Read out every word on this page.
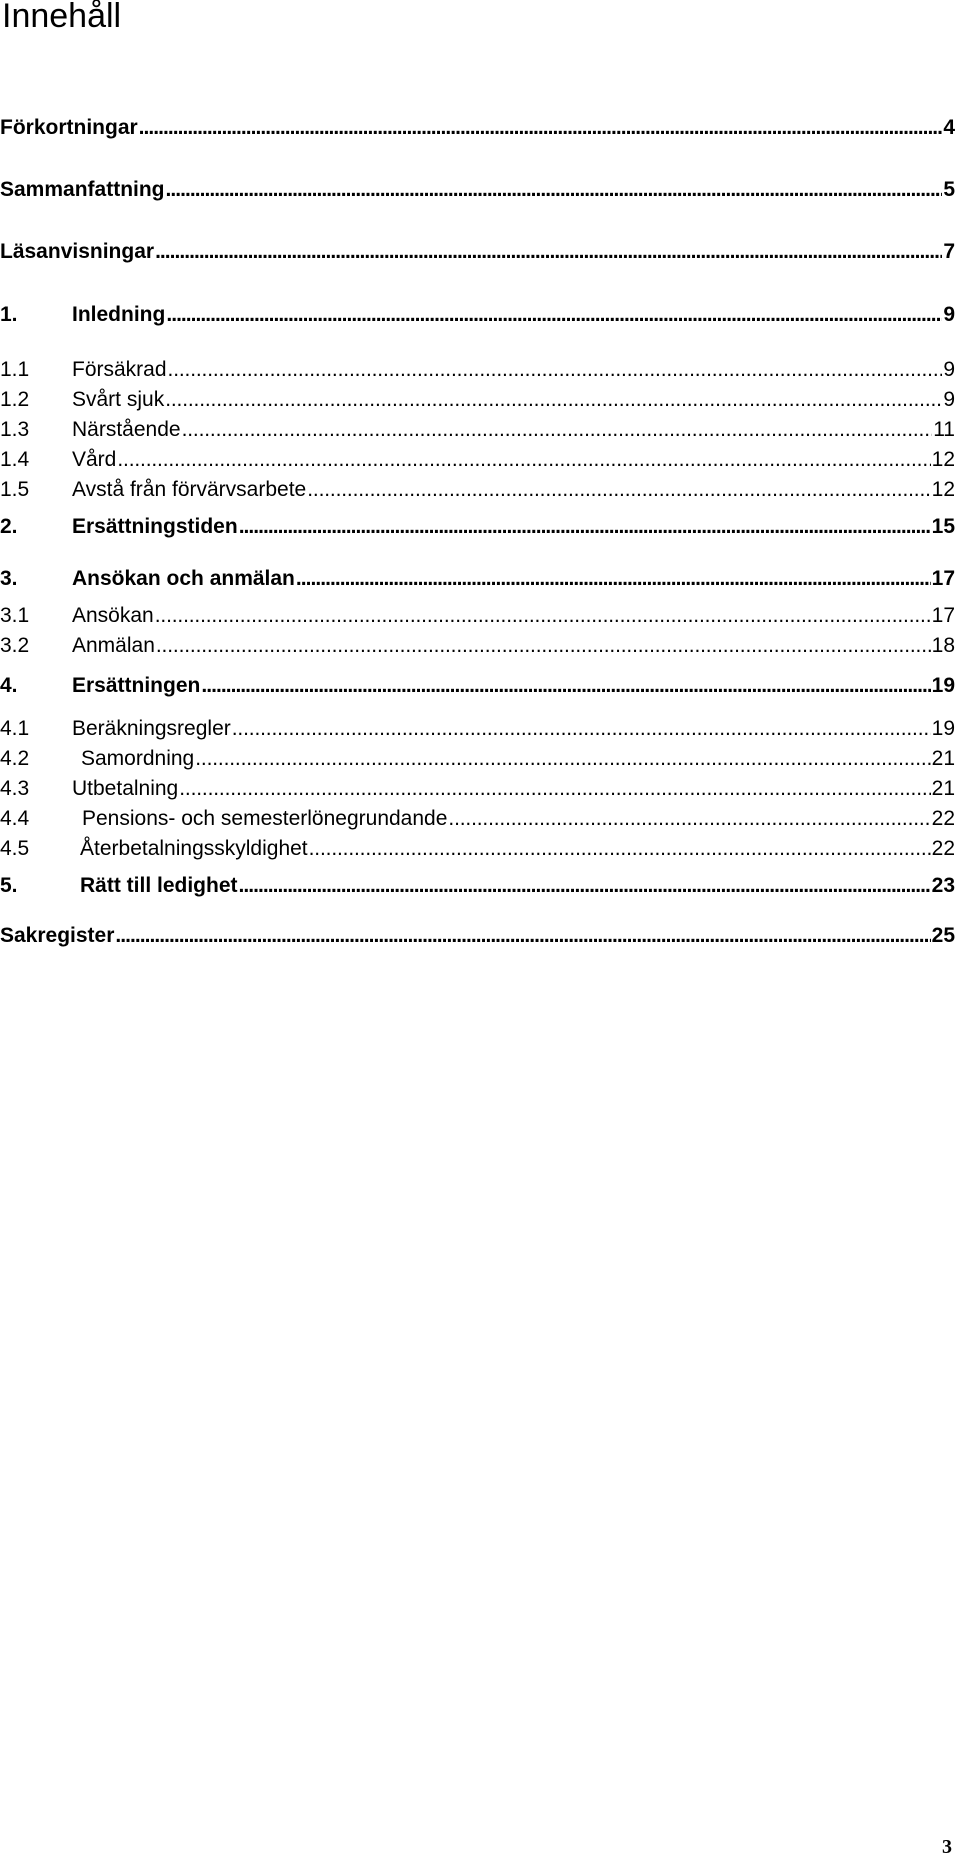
Innehåll
Förkortningar . . .	4
Sammanfattning . . .	5
Läsanvisningar . . .	7
1.	Inledning . . .	9
1.1	Försäkrad . . .	9
1.2	Svårt sjuk . . .	9
1.3	Närstående . . .	11
1.4	Vård . . .	12
1.5	Avstå från förvärvsarbete . . .	12
2.	Ersättningstiden . . .	15
3.	Ansökan och anmälan . . .	17
3.1	Ansökan . . .	17
3.2	Anmälan . . .	18
4.	Ersättningen . . .	19
4.1	Beräkningsregler . . .	19
4.2	Samordning . . .	21
4.3	Utbetalning . . .	21
4.4	Pensions- och semesterlönegrundande . . .	22
4.5	Återbetalningsskyldighet . . .	22
5.	Rätt till ledighet . . .	23
Sakregister . . .	25
3
